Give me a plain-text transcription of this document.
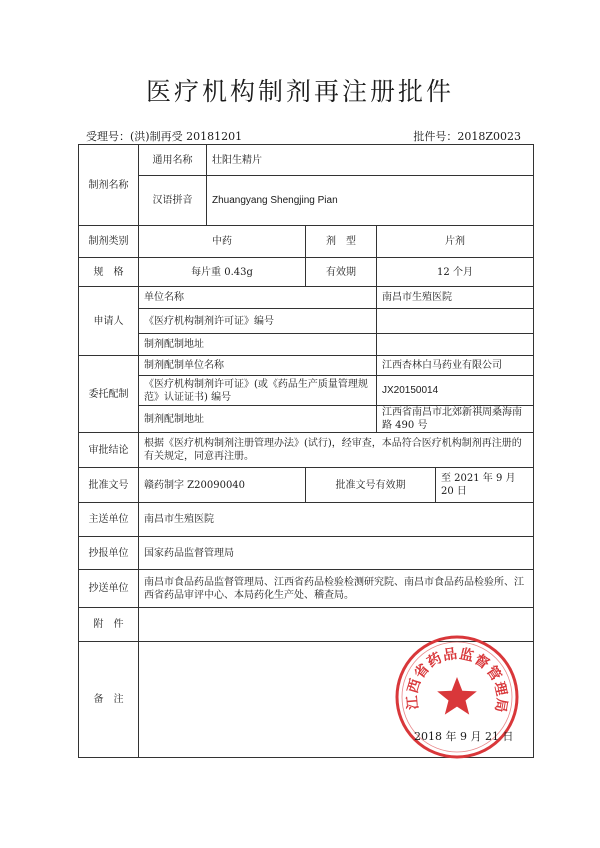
医疗机构制剂再注册批件
受理号：(洪)制再受 20181201	批件号：2018Z0023
制剂名称	通用名称	壮阳生精片			
	汉语拼音	Zhuangyang Shengjing Pian			
制剂类别	中药		剂　型	片剂	
规　格	每片重 0.43g		有效期	12 个月	
申请人	单位名称			南昌市生殖医院	
	《医疗机构制剂许可证》编号				
	制剂配制地址				
委托配制	制剂配制单位名称			江西杏林白马药业有限公司	
	《医疗机构制剂许可证》(或《药品生产质量管理规范》认证证书) 编号			JX20150014	
	制剂配制地址			江西省南昌市北郊新祺周桑海南路 490 号	
审批结论	根据《医疗机构制剂注册管理办法》(试行)，经审查，本品符合医疗机构制剂再注册的有关规定，同意再注册。				
批准文号	赣药制字 Z20090040		批准文号有效期		至 2021 年 9 月 20 日
主送单位	南昌市生殖医院				
抄报单位	国家药品监督管理局				
抄送单位	南昌市食品药品监督管理局、江西省药品检验检测研究院、南昌市食品药品检验所、江西省药品审评中心、本局药化生产处、稽查局。				
附　件					
备　注						江西省药品监督管理局
2018 年 9 月 21 日
